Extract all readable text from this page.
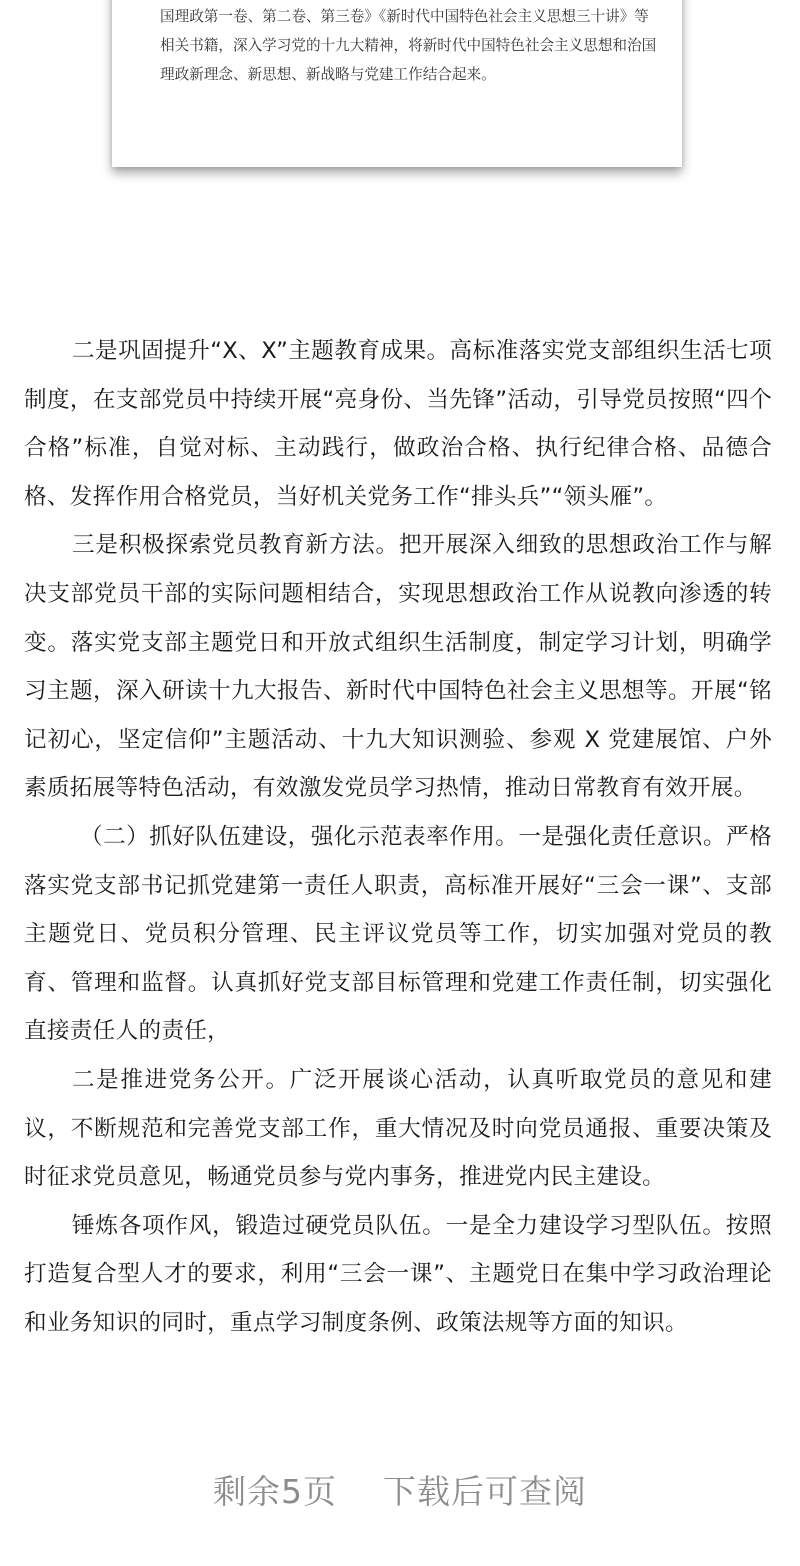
国理政第一卷、第二卷、第三卷》《新时代中国特色社会主义思想三十讲》等相关书籍，深入学习党的十九大精神，将新时代中国特色社会主义思想和治国理政新理念、新思想、新战略与党建工作结合起来。

二是巩固提升“X、X”主题教育成果。高标准落实党支部组织生活七项制度，在支部党员中持续开展“亮身份、当先锋”活动，引导党员按照“四个合格”标准，自觉对标、主动践行，做政治合格、执行纪律合格、品德合格、发挥作用合格党员，当好机关党务工作“排头兵”“领头雁”。

三是积极探索党员教育新方法。把开展深入细致的思想政治工作与解决支部党员干部的实际问题相结合，实现思想政治工作从说教向渗透的转变。落实党支部主题党日和开放式组织生活制度，制定学习计划，明确学习主题，深入研读十九大报告、新时代中国特色社会主义思想等。开展“铭记初心，坚定信仰”主题活动、十九大知识测验、参观 X 党建展馆、户外素质拓展等特色活动，有效激发党员学习热情，推动日常教育有效开展。

（二）抓好队伍建设，强化示范表率作用。一是强化责任意识。严格落实党支部书记抓党建第一责任人职责，高标准开展好“三会一课”、支部主题党日、党员积分管理、民主评议党员等工作，切实加强对党员的教育、管理和监督。认真抓好党支部目标管理和党建工作责任制，切实强化直接责任人的责任，

二是推进党务公开。广泛开展谈心活动，认真听取党员的意见和建议，不断规范和完善党支部工作，重大情况及时向党员通报、重要决策及时征求党员意见，畅通党员参与党内事务，推进党内民主建设。

锤炼各项作风，锻造过硬党员队伍。一是全力建设学习型队伍。按照打造复合型人才的要求，利用“三会一课”、主题党日在集中学习政治理论和业务知识的同时，重点学习制度条例、政策法规等方面的知识。

剩余5页 下载后可查阅
